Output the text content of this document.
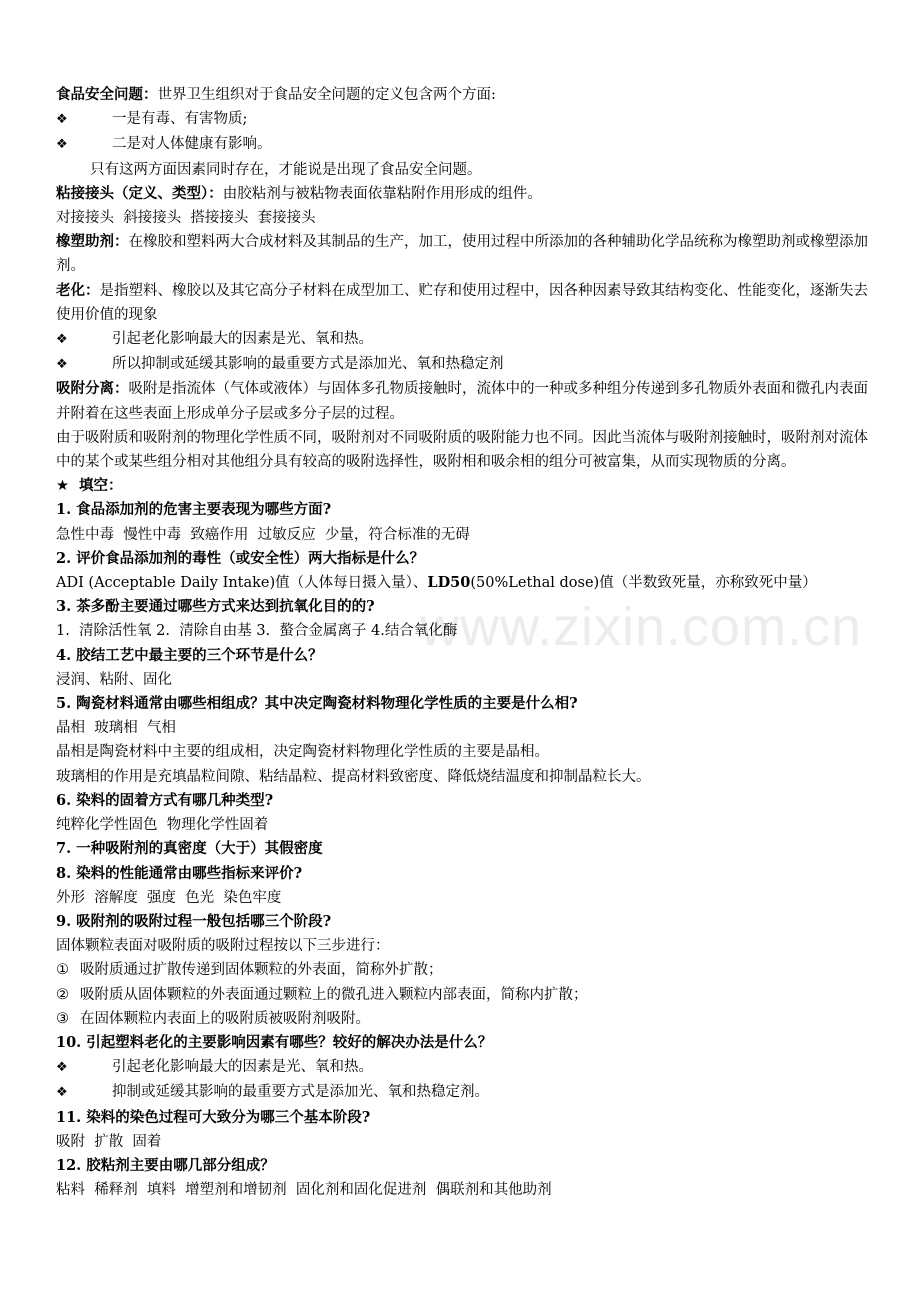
www.zixin.com.cn
食品安全问题：世界卫生组织对于食品安全问题的定义包含两个方面:
❖	一是有毒、有害物质;
❖	二是对人体健康有影响。
只有这两方面因素同时存在，才能说是出现了食品安全问题。
粘接接头（定义、类型）：由胶粘剂与被粘物表面依靠粘附作用形成的组件。
对接接头  斜接接头  搭接接头  套接接头
橡塑助剂：在橡胶和塑料两大合成材料及其制品的生产，加工，使用过程中所添加的各种辅助化学品统称为橡塑助剂或橡塑添加剂。
老化：是指塑料、橡胶以及其它高分子材料在成型加工、贮存和使用过程中，因各种因素导致其结构变化、性能变化，逐渐失去使用价值的现象
❖	引起老化影响最大的因素是光、氧和热。
❖	所以抑制或延缓其影响的最重要方式是添加光、氧和热稳定剂
吸附分离：吸附是指流体（气体或液体）与固体多孔物质接触时，流体中的一种或多种组分传递到多孔物质外表面和微孔内表面并附着在这些表面上形成单分子层或多分子层的过程。
由于吸附质和吸附剂的物理化学性质不同，吸附剂对不同吸附质的吸附能力也不同。因此当流体与吸附剂接触时，吸附剂对流体中的某个或某些组分相对其他组分具有较高的吸附选择性，吸附相和吸余相的组分可被富集，从而实现物质的分离。
★ 填空：
1. 食品添加剂的危害主要表现为哪些方面?
急性中毒  慢性中毒  致癌作用  过敏反应  少量，符合标准的无碍
2. 评价食品添加剂的毒性（或安全性）两大指标是什么？
ADI (Acceptable Daily Intake)值（人体每日摄入量）、LD50(50%Lethal dose)值（半数致死量，亦称致死中量）
3. 茶多酚主要通过哪些方式来达到抗氧化目的的?
1.  清除活性氧 2.  清除自由基 3.  螯合金属离子 4.结合氧化酶
4. 胶结工艺中最主要的三个环节是什么？
浸润、粘附、固化
5. 陶瓷材料通常由哪些相组成？其中决定陶瓷材料物理化学性质的主要是什么相?
晶相  玻璃相  气相
晶相是陶瓷材料中主要的组成相，决定陶瓷材料物理化学性质的主要是晶相。
玻璃相的作用是充填晶粒间隙、粘结晶粒、提高材料致密度、降低烧结温度和抑制晶粒长大。
6. 染料的固着方式有哪几种类型?
纯粹化学性固色  物理化学性固着
7. 一种吸附剂的真密度（大于）其假密度
8. 染料的性能通常由哪些指标来评价?
外形  溶解度  强度  色光  染色牢度
9. 吸附剂的吸附过程一般包括哪三个阶段?
固体颗粒表面对吸附质的吸附过程按以下三步进行：
① 吸附质通过扩散传递到固体颗粒的外表面，简称外扩散；
② 吸附质从固体颗粒的外表面通过颗粒上的微孔进入颗粒内部表面，简称内扩散；
③ 在固体颗粒内表面上的吸附质被吸附剂吸附。
10. 引起塑料老化的主要影响因素有哪些？较好的解决办法是什么？
❖	引起老化影响最大的因素是光、氧和热。
❖	抑制或延缓其影响的最重要方式是添加光、氧和热稳定剂。
11. 染料的染色过程可大致分为哪三个基本阶段?
吸附  扩散  固着
12. 胶粘剂主要由哪几部分组成？
粘料  稀释剂  填料  增塑剂和增韧剂  固化剂和固化促进剂  偶联剂和其他助剂
